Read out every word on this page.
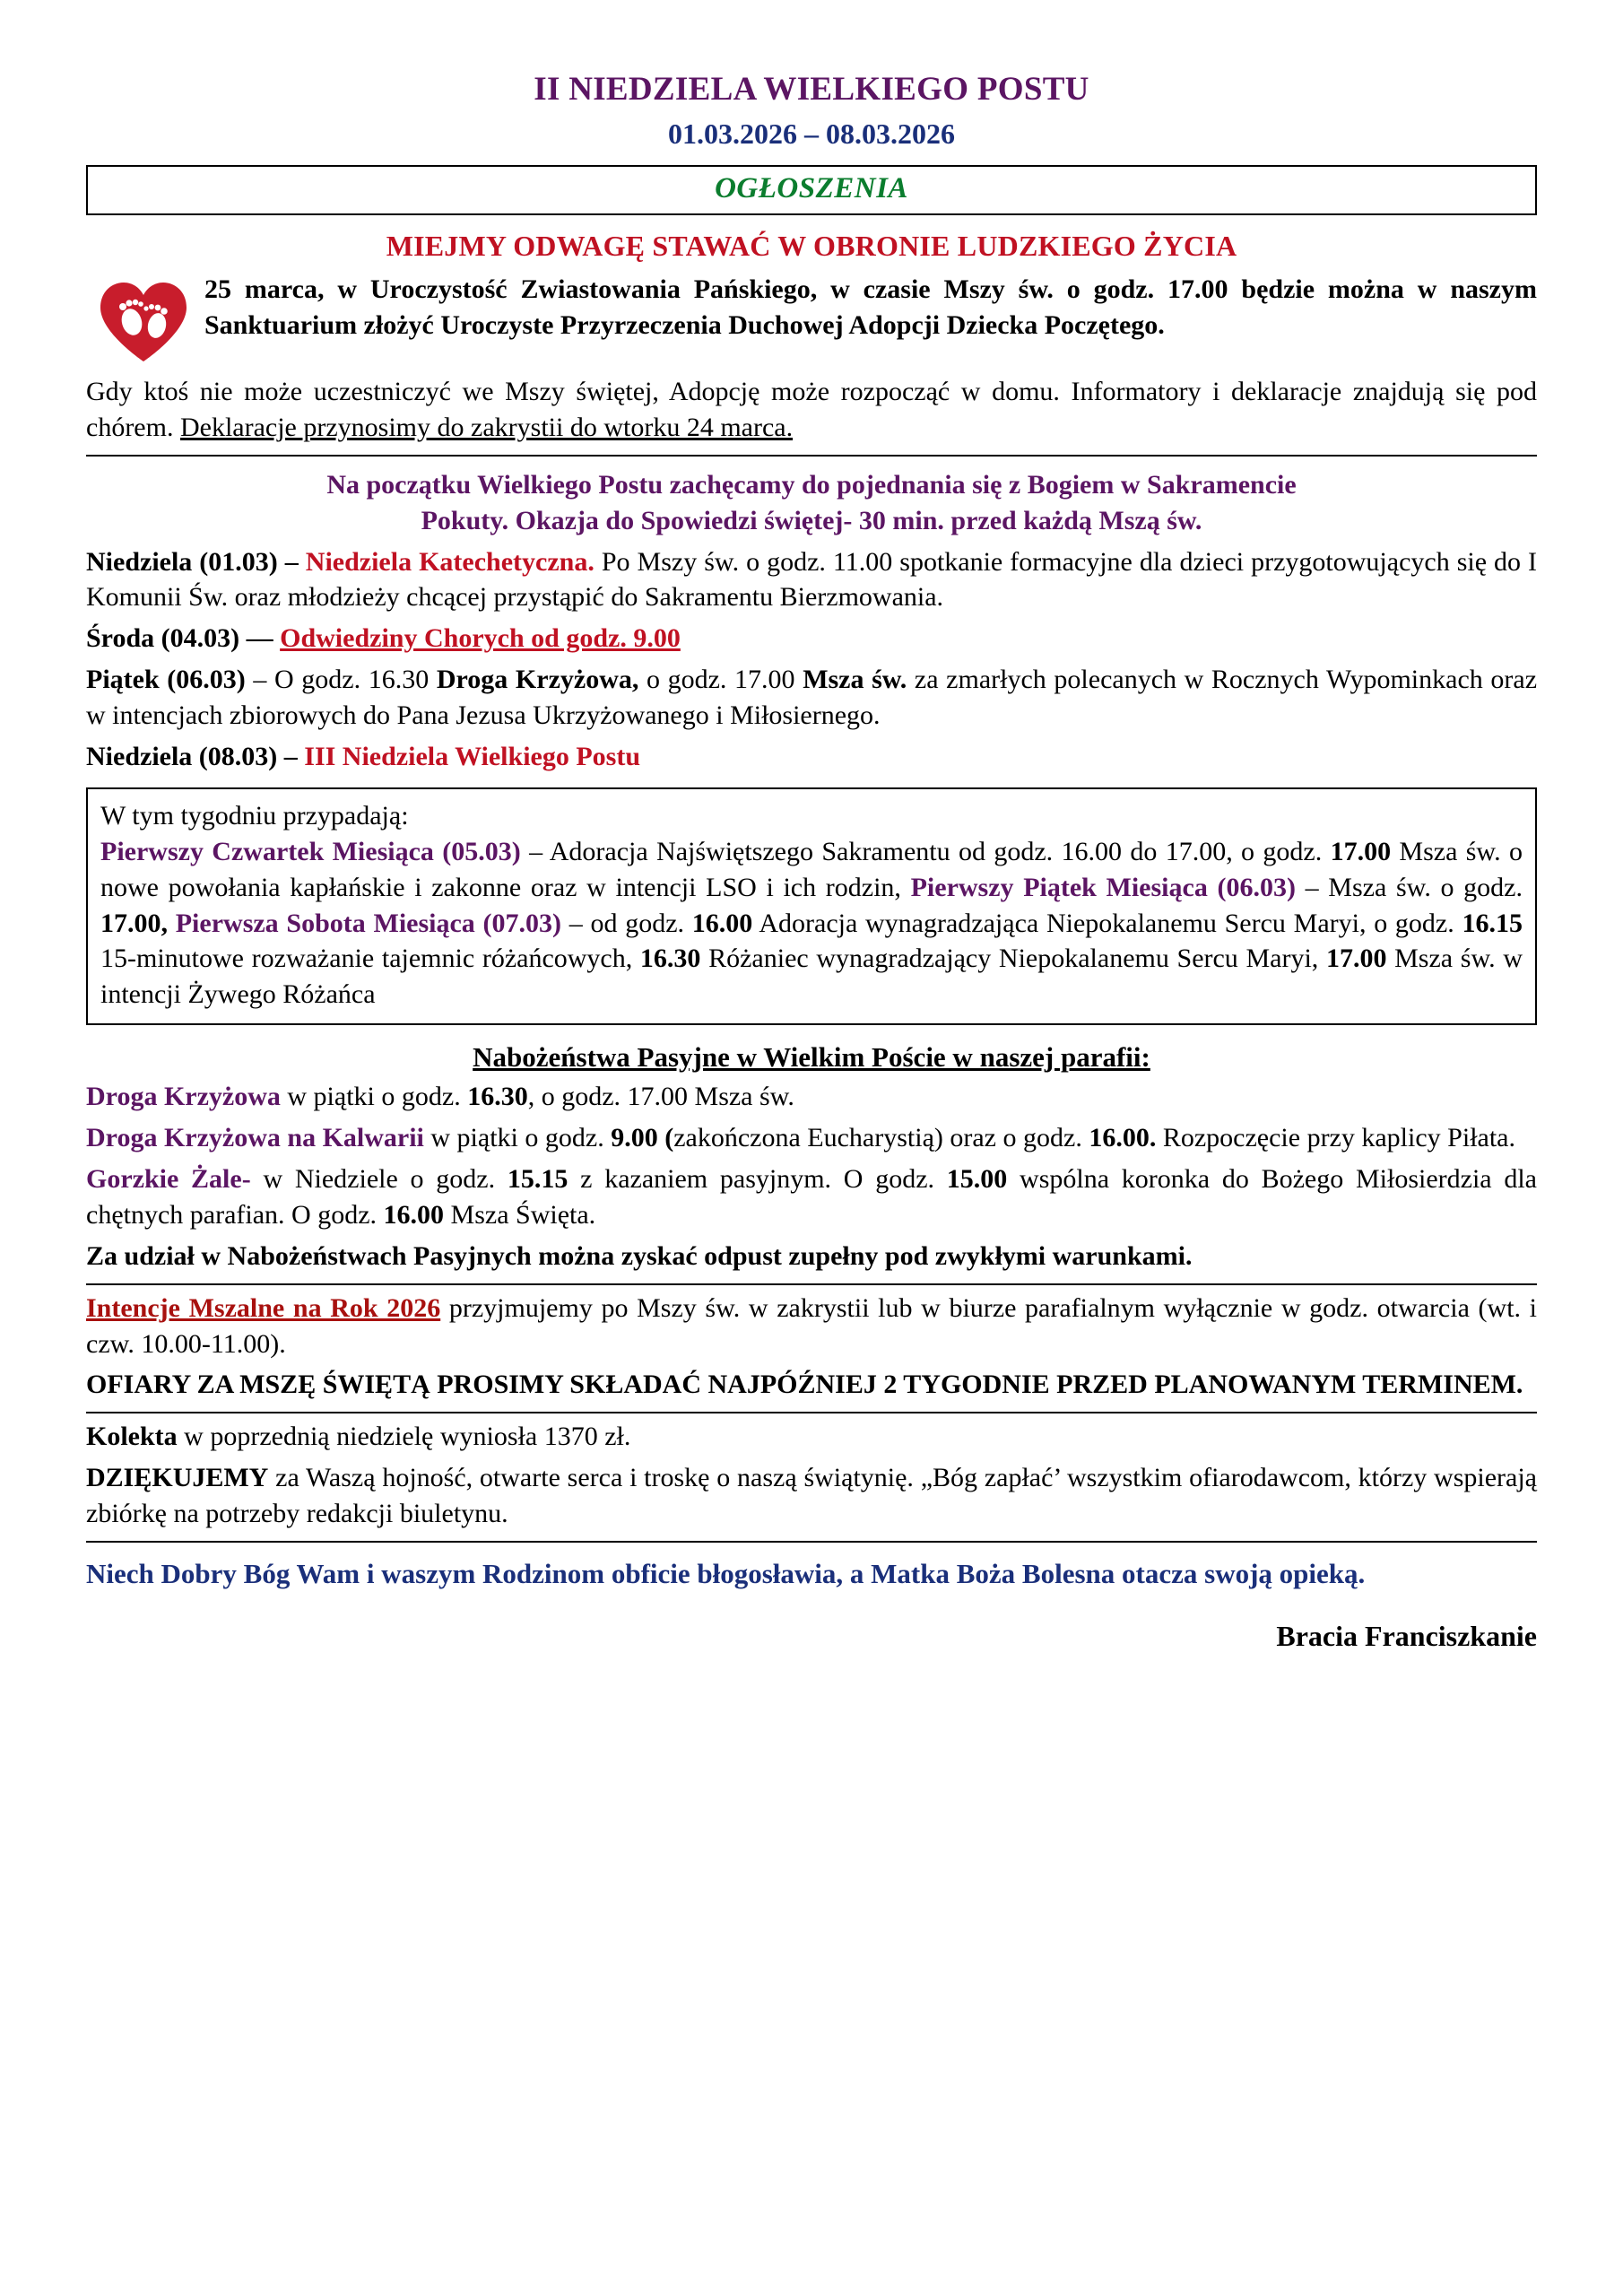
II NIEDZIELA WIELKIEGO POSTU
01.03.2026 – 08.03.2026
OGŁOSZENIA
MIEJMY ODWAGĘ STAWAĆ W OBRONIE LUDZKIEGO ŻYCIA
25 marca, w Uroczystość Zwiastowania Pańskiego, w czasie Mszy św. o godz. 17.00 będzie można w naszym Sanktuarium złożyć Uroczyste Przyrzeczenia Duchowej Adopcji Dziecka Poczętego.

Gdy ktoś nie może uczestniczyć we Mszy świętej, Adopcję może rozpocząć w domu. Informatory i deklaracje znajdują się pod chórem. Deklaracje przynosimy do zakrystii do wtorku 24 marca.

Na początku Wielkiego Postu zachęcamy do pojednania się z Bogiem w Sakramencie
Pokuty. Okazja do Spowiedzi świętej- 30 min. przed każdą Mszą św.

Niedziela (01.03) – Niedziela Katechetyczna. Po Mszy św. o godz. 11.00 spotkanie formacyjne dla dzieci przygotowujących się do I Komunii Św. oraz młodzieży chcącej przystąpić do Sakramentu Bierzmowania.

Środa (04.03) — Odwiedziny Chorych od godz. 9.00

Piątek (06.03) – O godz. 16.30 Droga Krzyżowa, o godz. 17.00 Msza św. za zmarłych polecanych w Rocznych Wypominkach oraz w intencjach zbiorowych do Pana Jezusa Ukrzyżowanego i Miłosiernego.

Niedziela (08.03) – III Niedziela Wielkiego Postu

W tym tygodniu przypadają:

Pierwszy Czwartek Miesiąca (05.03) – Adoracja Najświętszego Sakramentu od godz. 16.00 do 17.00, o godz. 17.00 Msza św. o nowe powołania kapłańskie i zakonne oraz w intencji LSO i ich rodzin, Pierwszy Piątek Miesiąca (06.03) – Msza św. o godz. 17.00, Pierwsza Sobota Miesiąca (07.03) – od godz. 16.00 Adoracja wynagradzająca Niepokalanemu Sercu Maryi, o godz. 16.15 15-minutowe rozważanie tajemnic różańcowych, 16.30 Różaniec wynagradzający Niepokalanemu Sercu Maryi, 17.00 Msza św. w intencji Żywego Różańca

Nabożeństwa Pasyjne w Wielkim Poście w naszej parafii:

Droga Krzyżowa w piątki o godz. 16.30, o godz. 17.00 Msza św.

Droga Krzyżowa na Kalwarii w piątki o godz. 9.00 (zakończona Eucharystią) oraz o godz. 16.00. Rozpoczęcie przy kaplicy Piłata.

Gorzkie Żale- w Niedziele o godz. 15.15 z kazaniem pasyjnym. O godz. 15.00 wspólna koronka do Bożego Miłosierdzia dla chętnych parafian. O godz. 16.00 Msza Święta.

Za udział w Nabożeństwach Pasyjnych można zyskać odpust zupełny pod zwykłymi warunkami.

Intencje Mszalne na Rok 2026 przyjmujemy po Mszy św. w zakrystii lub w biurze parafialnym wyłącznie w godz. otwarcia (wt. i czw. 10.00-11.00).

OFIARY ZA MSZĘ ŚWIĘTĄ PROSIMY SKŁADAĆ NAJPÓŹNIEJ 2 TYGODNIE PRZED PLANOWANYM TERMINEM.

Kolekta w poprzednią niedzielę wyniosła 1370 zł.

DZIĘKUJEMY za Waszą hojność, otwarte serca i troskę o naszą świątynię. „Bóg zapłać’ wszystkim ofiarodawcom, którzy wspierają zbiórkę na potrzeby redakcji biuletynu.

Niech Dobry Bóg Wam i waszym Rodzinom obficie błogosławia, a Matka Boża Bolesna otacza swoją opieką.

Bracia Franciszkanie
